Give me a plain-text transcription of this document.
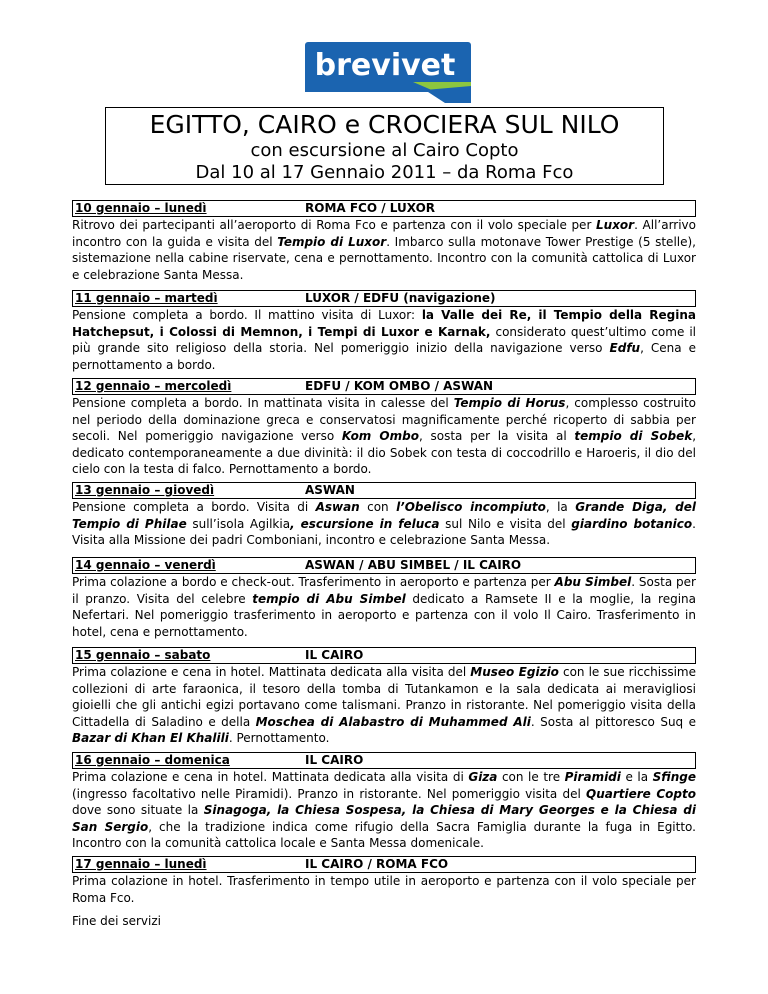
brevivet
EGITTO, CAIRO e CROCIERA SUL NILO
con escursione al Cairo Copto
Dal 10 al 17 Gennaio 2011 – da Roma Fco
10 gennaio – lunedì	ROMA FCO / LUXOR
Ritrovo dei partecipanti all’aeroporto di Roma Fco e partenza con il volo speciale per Luxor. All’arrivo incontro con la guida e visita del Tempio di Luxor. Imbarco sulla motonave Tower Prestige (5 stelle), sistemazione nella cabine riservate, cena e pernottamento. Incontro con la comunità cattolica di Luxor e celebrazione Santa Messa.
11 gennaio – martedì	LUXOR / EDFU (navigazione)
Pensione completa a bordo. Il mattino visita di Luxor: la Valle dei Re, il Tempio della Regina Hatchepsut, i Colossi di Memnon, i Tempi di Luxor e Karnak, considerato quest’ultimo come il più grande sito religioso della storia. Nel pomeriggio inizio della navigazione verso Edfu, Cena e pernottamento a bordo.
12 gennaio – mercoledì	EDFU / KOM OMBO / ASWAN
Pensione completa a bordo. In mattinata visita in calesse del Tempio di Horus, complesso costruito nel periodo della dominazione greca e conservatosi magnificamente perché ricoperto di sabbia per secoli. Nel pomeriggio navigazione verso Kom Ombo, sosta per la visita al tempio di Sobek, dedicato contemporaneamente a due divinità: il dio Sobek con testa di coccodrillo e Haroeris, il dio del cielo con la testa di falco. Pernottamento a bordo.
13 gennaio – giovedì	ASWAN
Pensione completa a bordo. Visita di Aswan con l’Obelisco incompiuto, la Grande Diga, del Tempio di Philae sull’isola Agilkia, escursione in feluca sul Nilo e visita del giardino botanico. Visita alla Missione dei padri Comboniani, incontro e celebrazione Santa Messa.
14 gennaio – venerdì	ASWAN / ABU SIMBEL / IL CAIRO
Prima colazione a bordo e check-out. Trasferimento in aeroporto e partenza per Abu Simbel. Sosta per il pranzo. Visita del celebre tempio di Abu Simbel dedicato a Ramsete II e la moglie, la regina Nefertari. Nel pomeriggio trasferimento in aeroporto e partenza con il volo Il Cairo. Trasferimento in hotel, cena e pernottamento.
15 gennaio – sabato	IL CAIRO
Prima colazione e cena in hotel. Mattinata dedicata alla visita del Museo Egizio con le sue ricchissime collezioni di arte faraonica, il tesoro della tomba di Tutankamon e la sala dedicata ai meravigliosi gioielli che gli antichi egizi portavano come talismani. Pranzo in ristorante. Nel pomeriggio visita della Cittadella di Saladino e della Moschea di Alabastro di Muhammed Ali. Sosta al pittoresco Suq e Bazar di Khan El Khalili. Pernottamento.
16 gennaio – domenica	IL CAIRO
Prima colazione e cena in hotel. Mattinata dedicata alla visita di Giza con le tre Piramidi e la Sfinge (ingresso facoltativo nelle Piramidi). Pranzo in ristorante. Nel pomeriggio visita del Quartiere Copto dove sono situate la Sinagoga, la Chiesa Sospesa, la Chiesa di Mary Georges e la Chiesa di San Sergio, che la tradizione indica come rifugio della Sacra Famiglia durante la fuga in Egitto. Incontro con la comunità cattolica locale e Santa Messa domenicale.
17 gennaio – lunedì	IL CAIRO / ROMA FCO
Prima colazione in hotel. Trasferimento in tempo utile in aeroporto e partenza con il volo speciale per Roma Fco.
Fine dei servizi
